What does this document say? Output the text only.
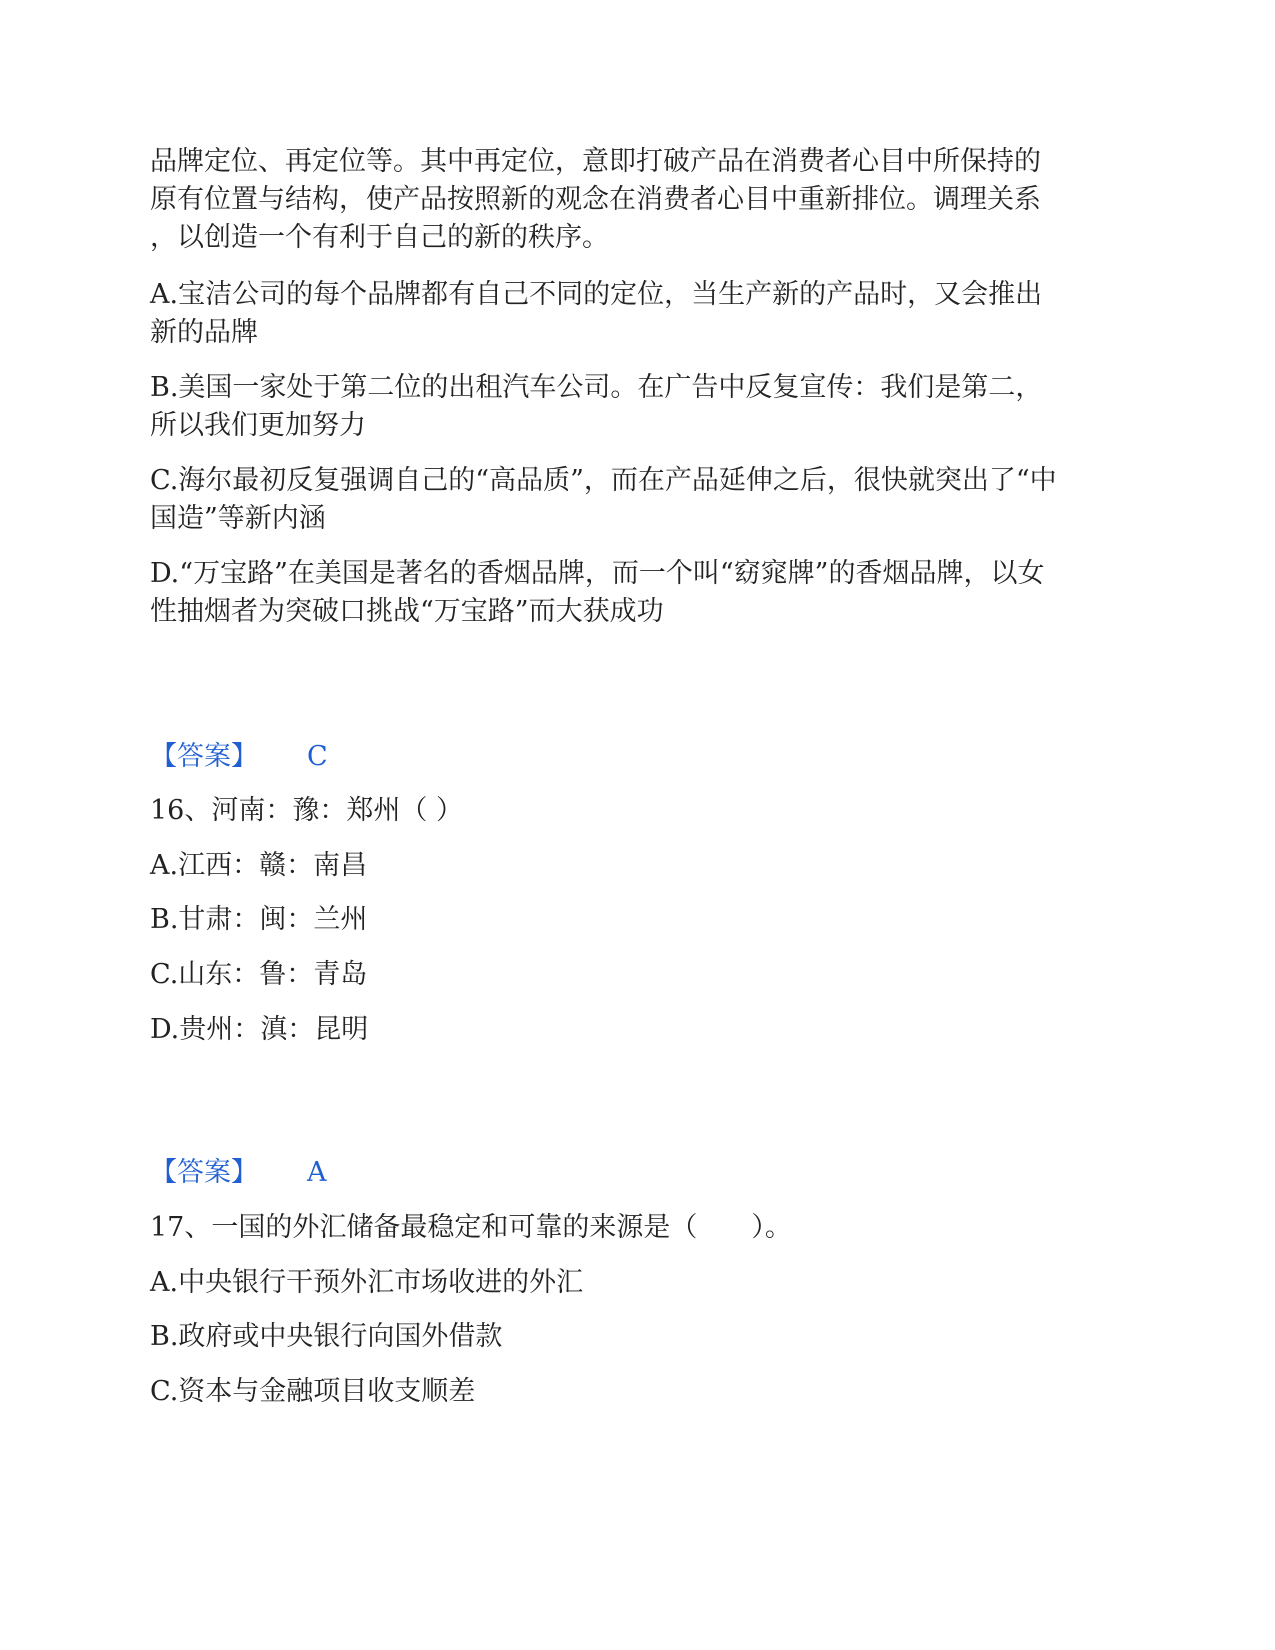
品牌定位、再定位等。其中再定位，意即打破产品在消费者心目中所保持的
原有位置与结构，使产品按照新的观念在消费者心目中重新排位。调理关系
，以创造一个有利于自己的新的秩序。
A.宝洁公司的每个品牌都有自己不同的定位，当生产新的产品时，又会推出
新的品牌
B.美国一家处于第二位的出租汽车公司。在广告中反复宣传：我们是第二，
所以我们更加努力
C.海尔最初反复强调自己的“高品质”，而在产品延伸之后，很快就突出了“中
国造”等新内涵
D.“万宝路”在美国是著名的香烟品牌，而一个叫“窈窕牌”的香烟品牌，以女
性抽烟者为突破口挑战“万宝路”而大获成功
【答案】 C
16、河南：豫：郑州（ ）
A.江西：赣：南昌
B.甘肃：闽：兰州
C.山东：鲁：青岛
D.贵州：滇：昆明
【答案】 A
17、一国的外汇储备最稳定和可靠的来源是（　　）。
A.中央银行干预外汇市场收进的外汇
B.政府或中央银行向国外借款
C.资本与金融项目收支顺差
